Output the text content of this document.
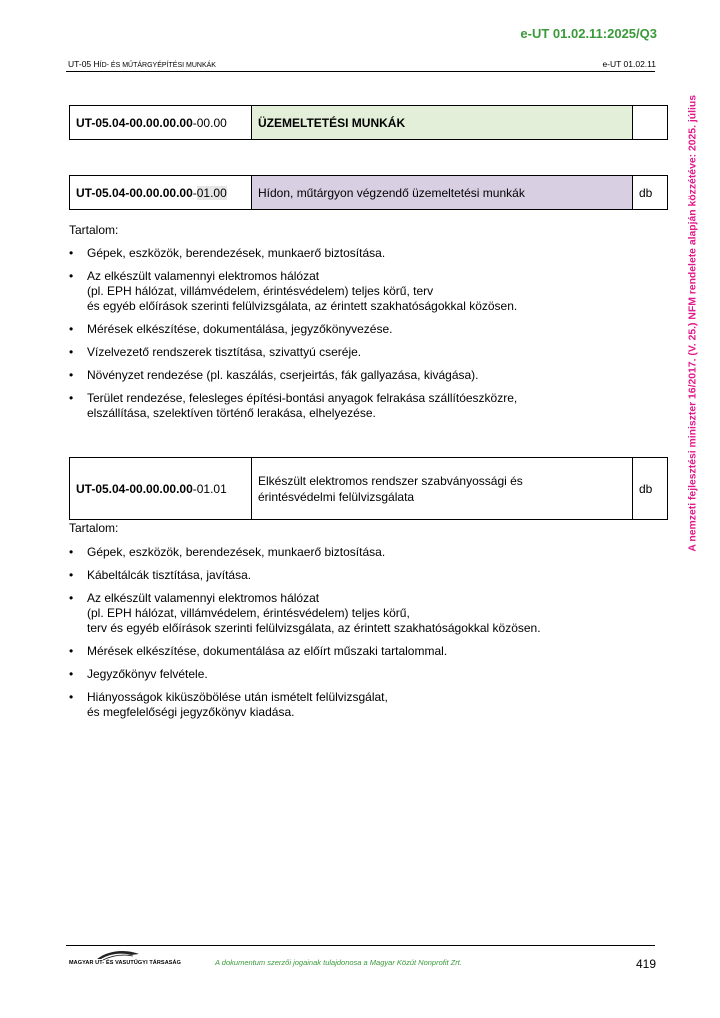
e-UT 01.02.11:2025/Q3
UT-05 HÍD- ÉS MŰTÁRGYÉPÍTÉSI MUNKÁK	e-UT 01.02.11
A nemzeti fejlesztési miniszter 16/2017. (V. 25.) NFM rendelete alapján közzétéve: 2025. július
UT-05.04-00.00.00.00-00.00	ÜZEMELTETÉSI MUNKÁK	
UT-05.04-00.00.00.00-01.00	Hídon, műtárgyon végzendő üzemeltetési munkák	db
Tartalom:
• Gépek, eszközök, berendezések, munkaerő biztosítása.
• Az elkészült valamennyi elektromos hálózat
(pl. EPH hálózat, villámvédelem, érintésvédelem) teljes körű, terv
és egyéb előírások szerinti felülvizsgálata, az érintett szakhatóságokkal közösen.
• Mérések elkészítése, dokumentálása, jegyzőkönyvezése.
• Vízelvezető rendszerek tisztítása, szivattyú cseréje.
• Növényzet rendezése (pl. kaszálás, cserjeirtás, fák gallyazása, kivágása).
• Terület rendezése, felesleges építési-bontási anyagok felrakása szállítóeszközre,
elszállítása, szelektíven történő lerakása, elhelyezése.
UT-05.04-00.00.00.00-01.01	Elkészült elektromos rendszer szabványossági és
érintésvédelmi felülvizsgálata	db
Tartalom:
• Gépek, eszközök, berendezések, munkaerő biztosítása.
• Kábeltálcák tisztítása, javítása.
• Az elkészült valamennyi elektromos hálózat
(pl. EPH hálózat, villámvédelem, érintésvédelem) teljes körű,
terv és egyéb előírások szerinti felülvizsgálata, az érintett szakhatóságokkal közösen.
• Mérések elkészítése, dokumentálása az előírt műszaki tartalommal.
• Jegyzőkönyv felvétele.
• Hiányosságok kiküszöbölése után ismételt felülvizsgálat,
és megfelelőségi jegyzőkönyv kiadása.
MAGYAR UT- ÉS VASUTÜGYI TÁRSASÁG	A dokumentum szerzői jogainak tulajdonosa a Magyar Közút Nonprofit Zrt.	419
